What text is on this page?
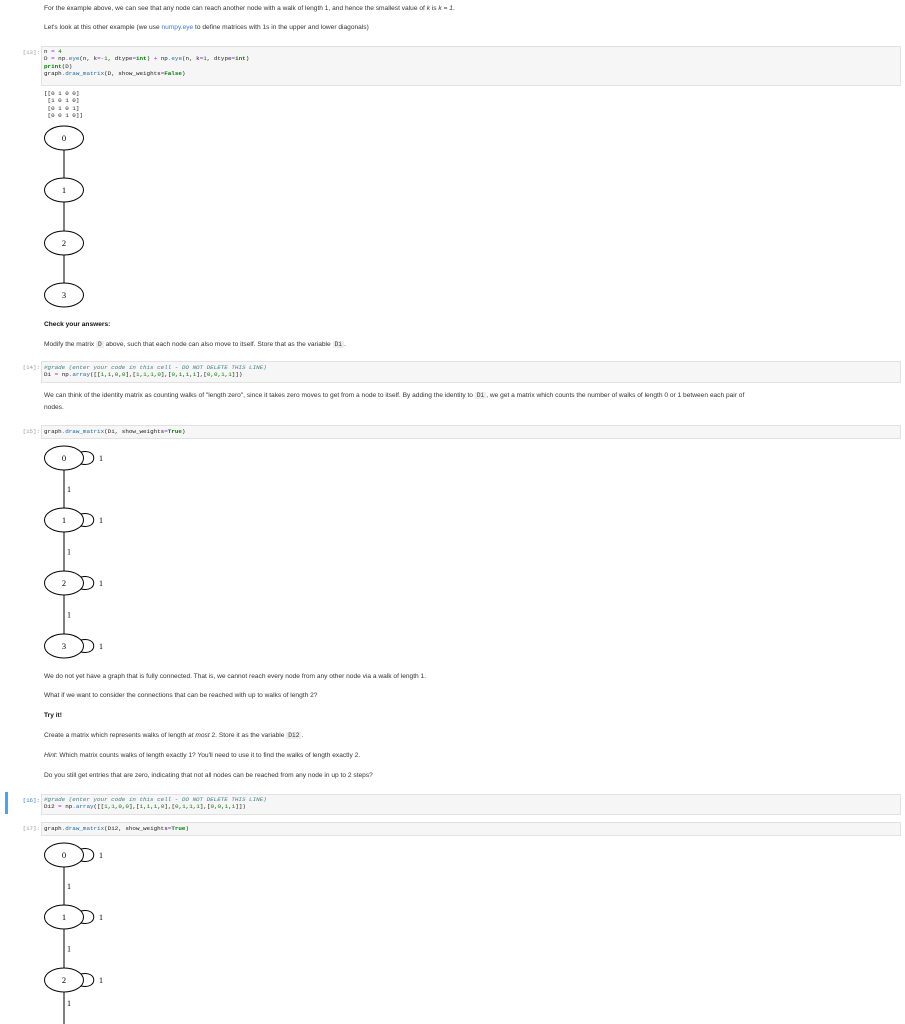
For the example above, we can see that any node can reach another node with a walk of length 1, and hence the smallest value of k is k = 1.
Let's look at this other example (we use numpy.eye to define matrices with 1s in the upper and lower diagonals)
[13]: n = 4
D = np.eye(n, k=-1, dtype=int) + np.eye(n, k=1, dtype=int)
print(D)
graph.draw_matrix(D, show_weights=False)
[[0 1 0 0]
[1 0 1 0]
[0 1 0 1]
[0 0 1 0]]
Check your answers:
Modify the matrix D above, such that each node can also move to itself. Store that as the variable Di .
[14]: #grade (enter your code in this cell - DO NOT DELETE THIS LINE)
Di = np.array([[1,1,0,0],[1,1,1,0],[0,1,1,1],[0,0,1,1]])
We can think of the identity matrix as counting walks of "length zero", since it takes zero moves to get from a node to itself. By adding the identity to Di , we get a matrix which counts the number of walks of length 0 or 1 between each pair of
nodes.
[15]: graph.draw_matrix(Di, show_weights=True)
We do not yet have a graph that is fully connected. That is, we cannot reach every node from any other node via a walk of length 1.
What if we want to consider the connections that can be reached with up to walks of length 2?
Try it!
Create a matrix which represents walks of length at most 2. Store it as the variable Di2 .
Hint: Which matrix counts walks of length exactly 1? You'll need to use it to find the walks of length exactly 2.
Do you still get entries that are zero, indicating that not all nodes can be reached from any node in up to 2 steps?
[16]: #grade (enter your code in this cell - DO NOT DELETE THIS LINE)
Di2 = np.array([[1,1,0,0],[1,1,1,0],[0,1,1,1],[0,0,1,1]])
[17]: graph.draw_matrix(Di2, show_weights=True)
0
1
2
3
1
1
1
1
0
1
1
1
2
1
3
1
1
1
1
0
1
1
1
2
